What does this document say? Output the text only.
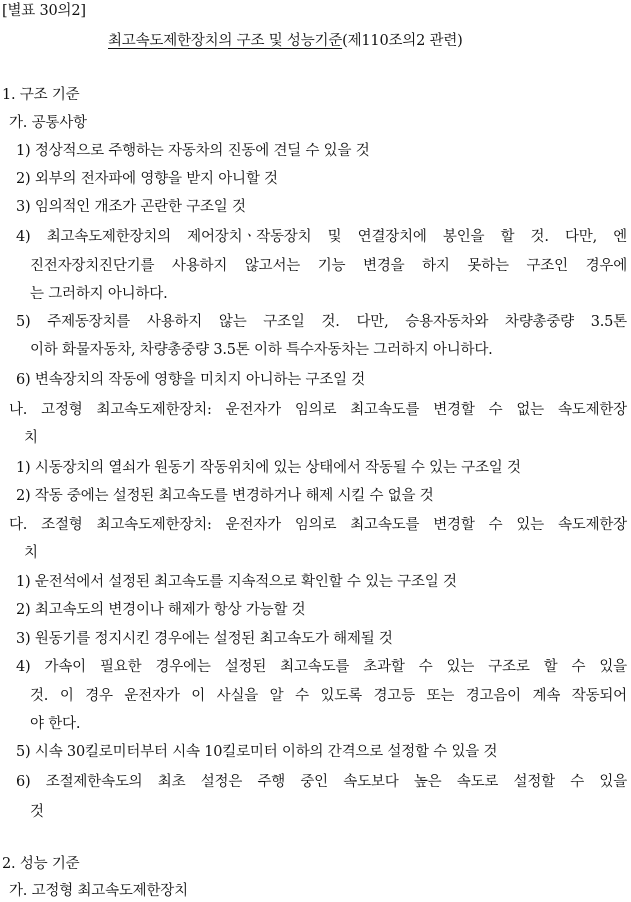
[별표 30의2]
최고속도제한장치의 구조 및 성능기준(제110조의2 관련)
1. 구조 기준
가. 공통사항
1) 정상적으로 주행하는 자동차의 진동에 견딜 수 있을 것
2) 외부의 전자파에 영향을 받지 아니할 것
3) 임의적인 개조가 곤란한 구조일 것
4) 최고속도제한장치의 제어장치ㆍ작동장치 및 연결장치에 봉인을 할 것. 다만, 엔
진전자장치진단기를 사용하지 않고서는 기능 변경을 하지 못하는 구조인 경우에
는 그러하지 아니하다.
5) 주제동장치를 사용하지 않는 구조일 것. 다만, 승용자동차와 차량총중량 3.5톤
이하 화물자동차, 차량총중량 3.5톤 이하 특수자동차는 그러하지 아니하다.
6) 변속장치의 작동에 영향을 미치지 아니하는 구조일 것
나. 고정형 최고속도제한장치: 운전자가 임의로 최고속도를 변경할 수 없는 속도제한장
치
1) 시동장치의 열쇠가 원동기 작동위치에 있는 상태에서 작동될 수 있는 구조일 것
2) 작동 중에는 설정된 최고속도를 변경하거나 해제 시킬 수 없을 것
다. 조절형 최고속도제한장치: 운전자가 임의로 최고속도를 변경할 수 있는 속도제한장
치
1) 운전석에서 설정된 최고속도를 지속적으로 확인할 수 있는 구조일 것
2) 최고속도의 변경이나 해제가 항상 가능할 것
3) 원동기를 정지시킨 경우에는 설정된 최고속도가 해제될 것
4) 가속이 필요한 경우에는 설정된 최고속도를 초과할 수 있는 구조로 할 수 있을
것. 이 경우 운전자가 이 사실을 알 수 있도록 경고등 또는 경고음이 계속 작동되어
야 한다.
5) 시속 30킬로미터부터 시속 10킬로미터 이하의 간격으로 설정할 수 있을 것
6) 조절제한속도의 최초 설정은 주행 중인 속도보다 높은 속도로 설정할 수 있을
것
2. 성능 기준
가. 고정형 최고속도제한장치
